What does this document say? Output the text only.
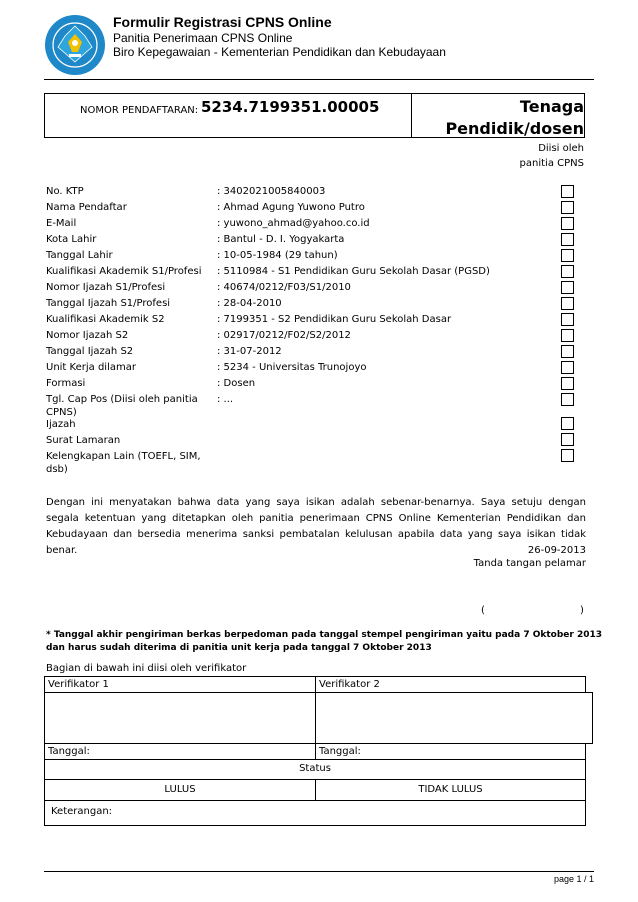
Formulir Registrasi CPNS Online
Panitia Penerimaan CPNS Online
Biro Kepegawaian - Kementerian Pendidikan dan Kebudayaan
NOMOR PENDAFTARAN: 5234.7199351.00005	Tenaga
Pendidik/dosen
Diisi oleh
panitia CPNS
No. KTP	: 3402021005840003
Nama Pendaftar	: Ahmad Agung Yuwono Putro
E-Mail	: yuwono_ahmad@yahoo.co.id
Kota Lahir	: Bantul - D. I. Yogyakarta
Tanggal Lahir	: 10-05-1984 (29 tahun)
Kualifikasi Akademik S1/Profesi	: 5110984 - S1 Pendidikan Guru Sekolah Dasar (PGSD)
Nomor Ijazah S1/Profesi	: 40674/0212/F03/S1/2010
Tanggal Ijazah S1/Profesi	: 28-04-2010
Kualifikasi Akademik S2	: 7199351 - S2 Pendidikan Guru Sekolah Dasar
Nomor Ijazah S2	: 02917/0212/F02/S2/2012
Tanggal Ijazah S2	: 31-07-2012
Unit Kerja dilamar	: 5234 - Universitas Trunojoyo
Formasi	: Dosen
Tgl. Cap Pos (Diisi oleh panitia CPNS)
: ...
Ijazah
Surat Lamaran
Kelengkapan Lain (TOEFL, SIM, dsb)
Dengan ini menyatakan bahwa data yang saya isikan adalah sebenar-benarnya. Saya setuju dengan segala ketentuan yang ditetapkan oleh panitia penerimaan CPNS Online Kementerian Pendidikan dan Kebudayaan dan bersedia menerima sanksi pembatalan kelulusan apabila data yang saya isikan tidak benar.	26-09-2013
Tanda tangan pelamar
(	)
* Tanggal akhir pengiriman berkas berpedoman pada tanggal stempel pengiriman yaitu pada 7 Oktober 2013
dan harus sudah diterima di panitia unit kerja pada tanggal 7 Oktober 2013
Bagian di bawah ini diisi oleh verifikator
Verifikator 1	Verifikator 2
Tanggal:	Tanggal:
Status
LULUS	TIDAK LULUS
Keterangan:
page 1 / 1
